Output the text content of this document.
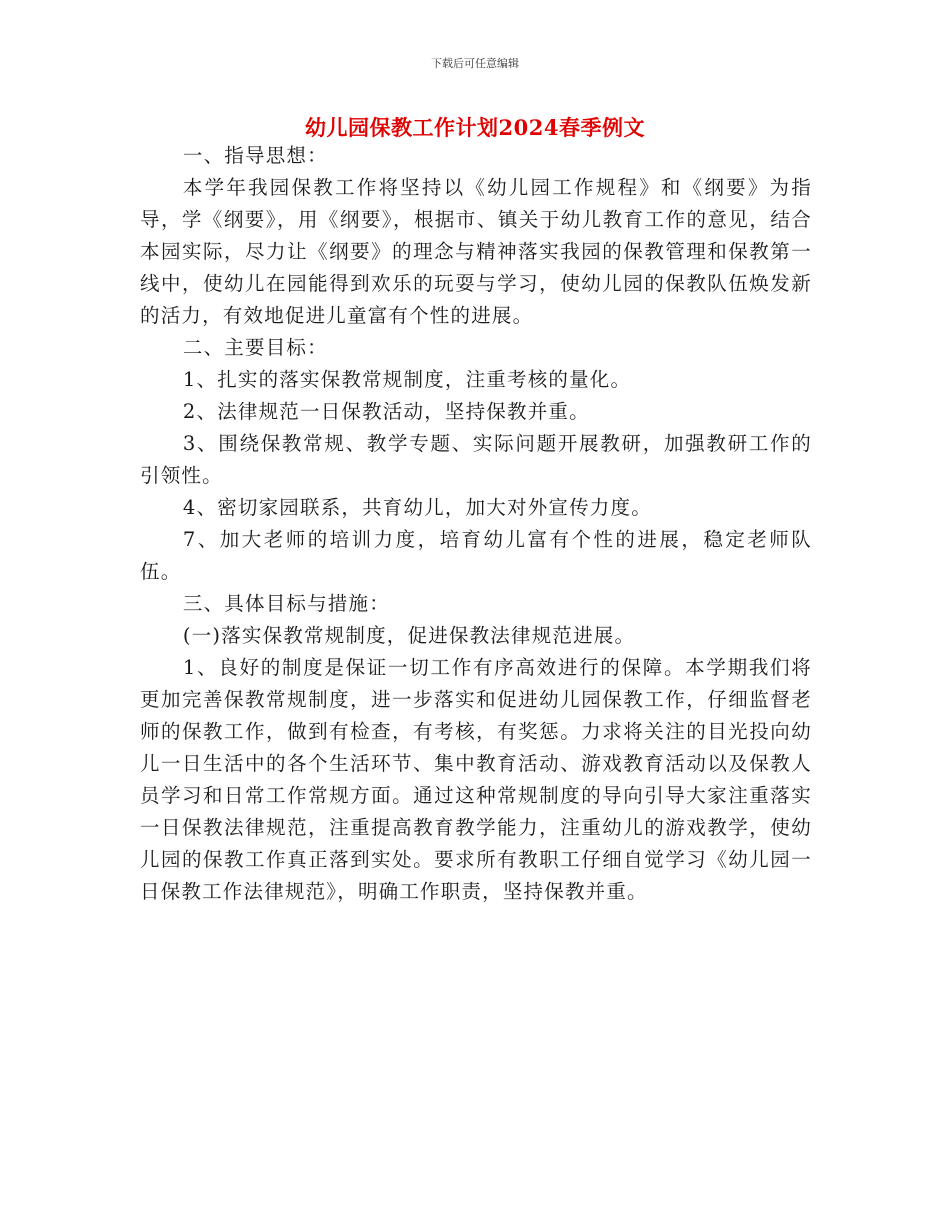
下载后可任意编辑
幼儿园保教工作计划2024春季例文

一、指导思想：

本学年我园保教工作将坚持以《幼儿园工作规程》和《纲要》为指导，学《纲要》，用《纲要》，根据市、镇关于幼儿教育工作的意见，结合本园实际，尽力让《纲要》的理念与精神落实我园的保教管理和保教第一线中，使幼儿在园能得到欢乐的玩耍与学习，使幼儿园的保教队伍焕发新的活力，有效地促进儿童富有个性的进展。

二、主要目标：

1、扎实的落实保教常规制度，注重考核的量化。

2、法律规范一日保教活动，坚持保教并重。

3、围绕保教常规、教学专题、实际问题开展教研，加强教研工作的引领性。

4、密切家园联系，共育幼儿，加大对外宣传力度。

7、加大老师的培训力度，培育幼儿富有个性的进展，稳定老师队伍。

三、具体目标与措施：

(一)落实保教常规制度，促进保教法律规范进展。

1、良好的制度是保证一切工作有序高效进行的保障。本学期我们将更加完善保教常规制度，进一步落实和促进幼儿园保教工作，仔细监督老师的保教工作，做到有检查，有考核，有奖惩。力求将关注的目光投向幼儿一日生活中的各个生活环节、集中教育活动、游戏教育活动以及保教人员学习和日常工作常规方面。通过这种常规制度的导向引导大家注重落实一日保教法律规范，注重提高教育教学能力，注重幼儿的游戏教学，使幼儿园的保教工作真正落到实处。要求所有教职工仔细自觉学习《幼儿园一日保教工作法律规范》，明确工作职责，坚持保教并重。
